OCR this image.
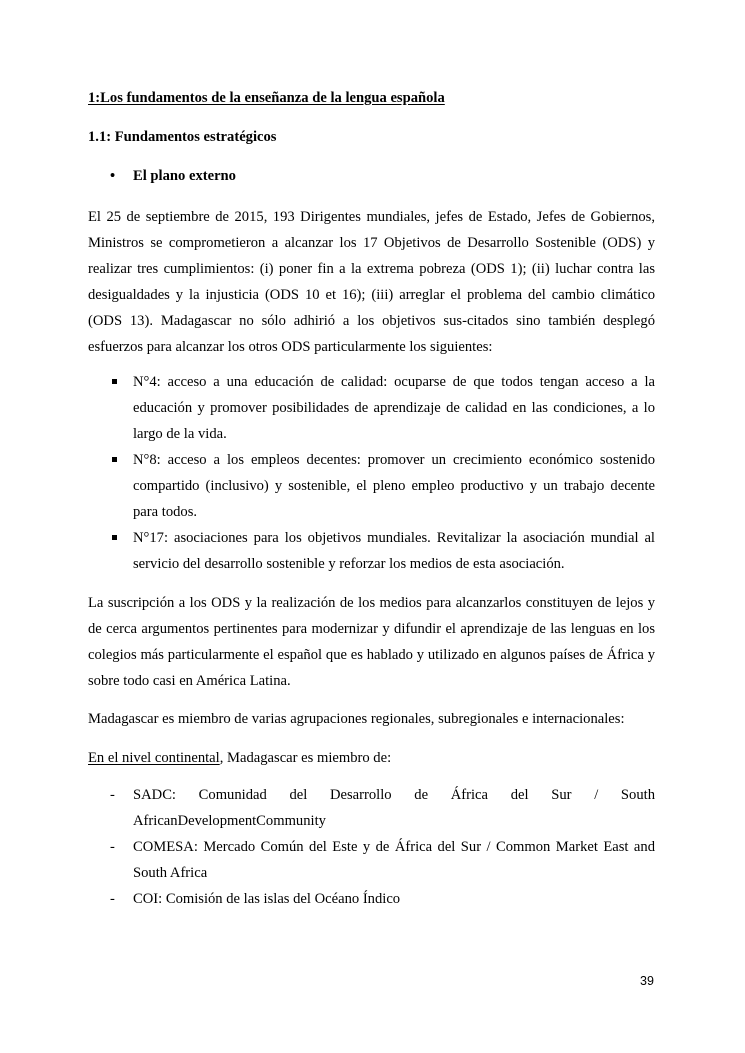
1:Los fundamentos de la enseñanza de la lengua española
1.1: Fundamentos estratégicos
• El plano externo

El 25 de septiembre de 2015, 193 Dirigentes mundiales, jefes de Estado, Jefes de Gobiernos, Ministros se comprometieron a alcanzar los 17 Objetivos de Desarrollo Sostenible (ODS) y realizar tres cumplimientos: (i) poner fin a la extrema pobreza (ODS 1); (ii) luchar contra las desigualdades y la injusticia (ODS 10 et 16); (iii) arreglar el problema del cambio climático (ODS 13). Madagascar no sólo adhirió a los objetivos sus-citados sino también desplegó esfuerzos para alcanzar los otros ODS particularmente los siguientes:

N°4: acceso a una educación de calidad: ocuparse de que todos tengan acceso a la educación y promover posibilidades de aprendizaje de calidad en las condiciones, a lo largo de la vida.
N°8: acceso a los empleos decentes: promover un crecimiento económico sostenido compartido (inclusivo) y sostenible, el pleno empleo productivo y un trabajo decente para todos.
N°17: asociaciones para los objetivos mundiales. Revitalizar la asociación mundial al servicio del desarrollo sostenible y reforzar los medios de esta asociación.

La suscripción a los ODS y la realización de los medios para alcanzarlos constituyen de lejos y de cerca argumentos pertinentes para modernizar y difundir el aprendizaje de las lenguas en los colegios más particularmente el español que es hablado y utilizado en algunos países de África y sobre todo casi en América Latina.

Madagascar es miembro de varias agrupaciones regionales, subregionales e internacionales:

En el nivel continental, Madagascar es miembro de:

-	SADC: Comunidad del Desarrollo de África del Sur / South
AfricanDevelopmentCommunity
-	COMESA: Mercado Común del Este y de África del Sur / Common Market East and South Africa
-	COI: Comisión de las islas del Océano Índico
39
